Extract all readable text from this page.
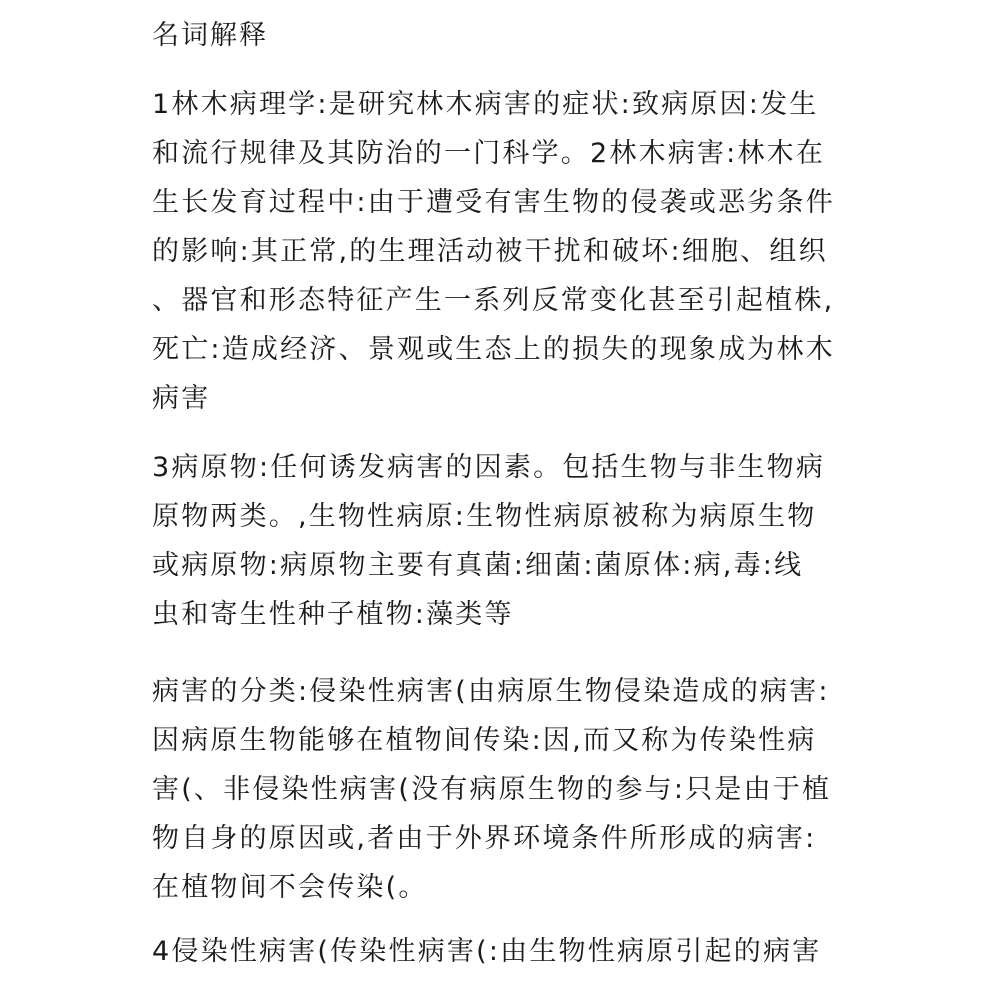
名词解释
1林木病理学:是研究林木病害的症状:致病原因:发生
和流行规律及其防治的一门科学。2林木病害:林木在
生长发育过程中:由于遭受有害生物的侵袭或恶劣条件
的影响:其正常,的生理活动被干扰和破坏:细胞、组织
、器官和形态特征产生一系列反常变化甚至引起植株,
死亡:造成经济、景观或生态上的损失的现象成为林木
病害
3病原物:任何诱发病害的因素。包括生物与非生物病
原物两类。,生物性病原:生物性病原被称为病原生物
或病原物:病原物主要有真菌:细菌:菌原体:病,毒:线
虫和寄生性种子植物:藻类等
病害的分类:侵染性病害(由病原生物侵染造成的病害:
因病原生物能够在植物间传染:因,而又称为传染性病
害(、非侵染性病害(没有病原生物的参与:只是由于植
物自身的原因或,者由于外界环境条件所形成的病害:
在植物间不会传染(。
4侵染性病害(传染性病害(:由生物性病原引起的病害
